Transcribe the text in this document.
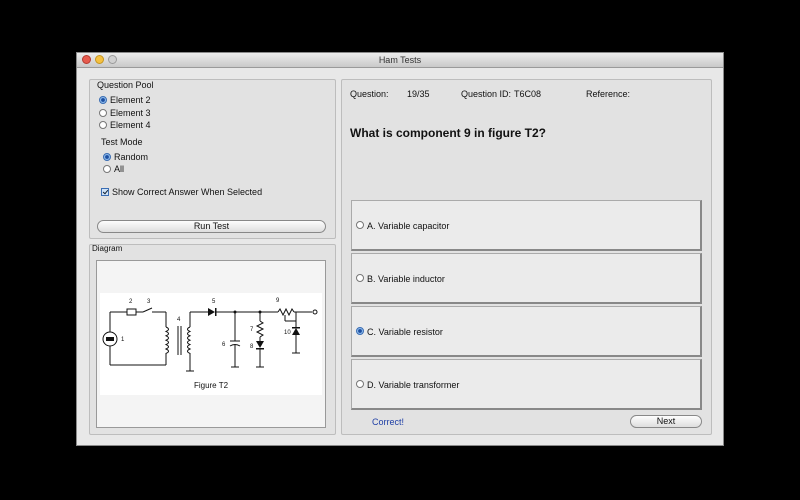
Ham Tests
Question Pool
Element 2
Element 3
Element 4
Test Mode
Random
All
Show Correct Answer When Selected
Run Test
Diagram
1
2 3
4
5
6
7
8
9
10
Figure T2
Question: 19/35	Question ID: T6C08	Reference:
What is component 9 in figure T2?
A. Variable capacitor
B. Variable inductor
C. Variable resistor
D. Variable transformer
Correct!	Next
